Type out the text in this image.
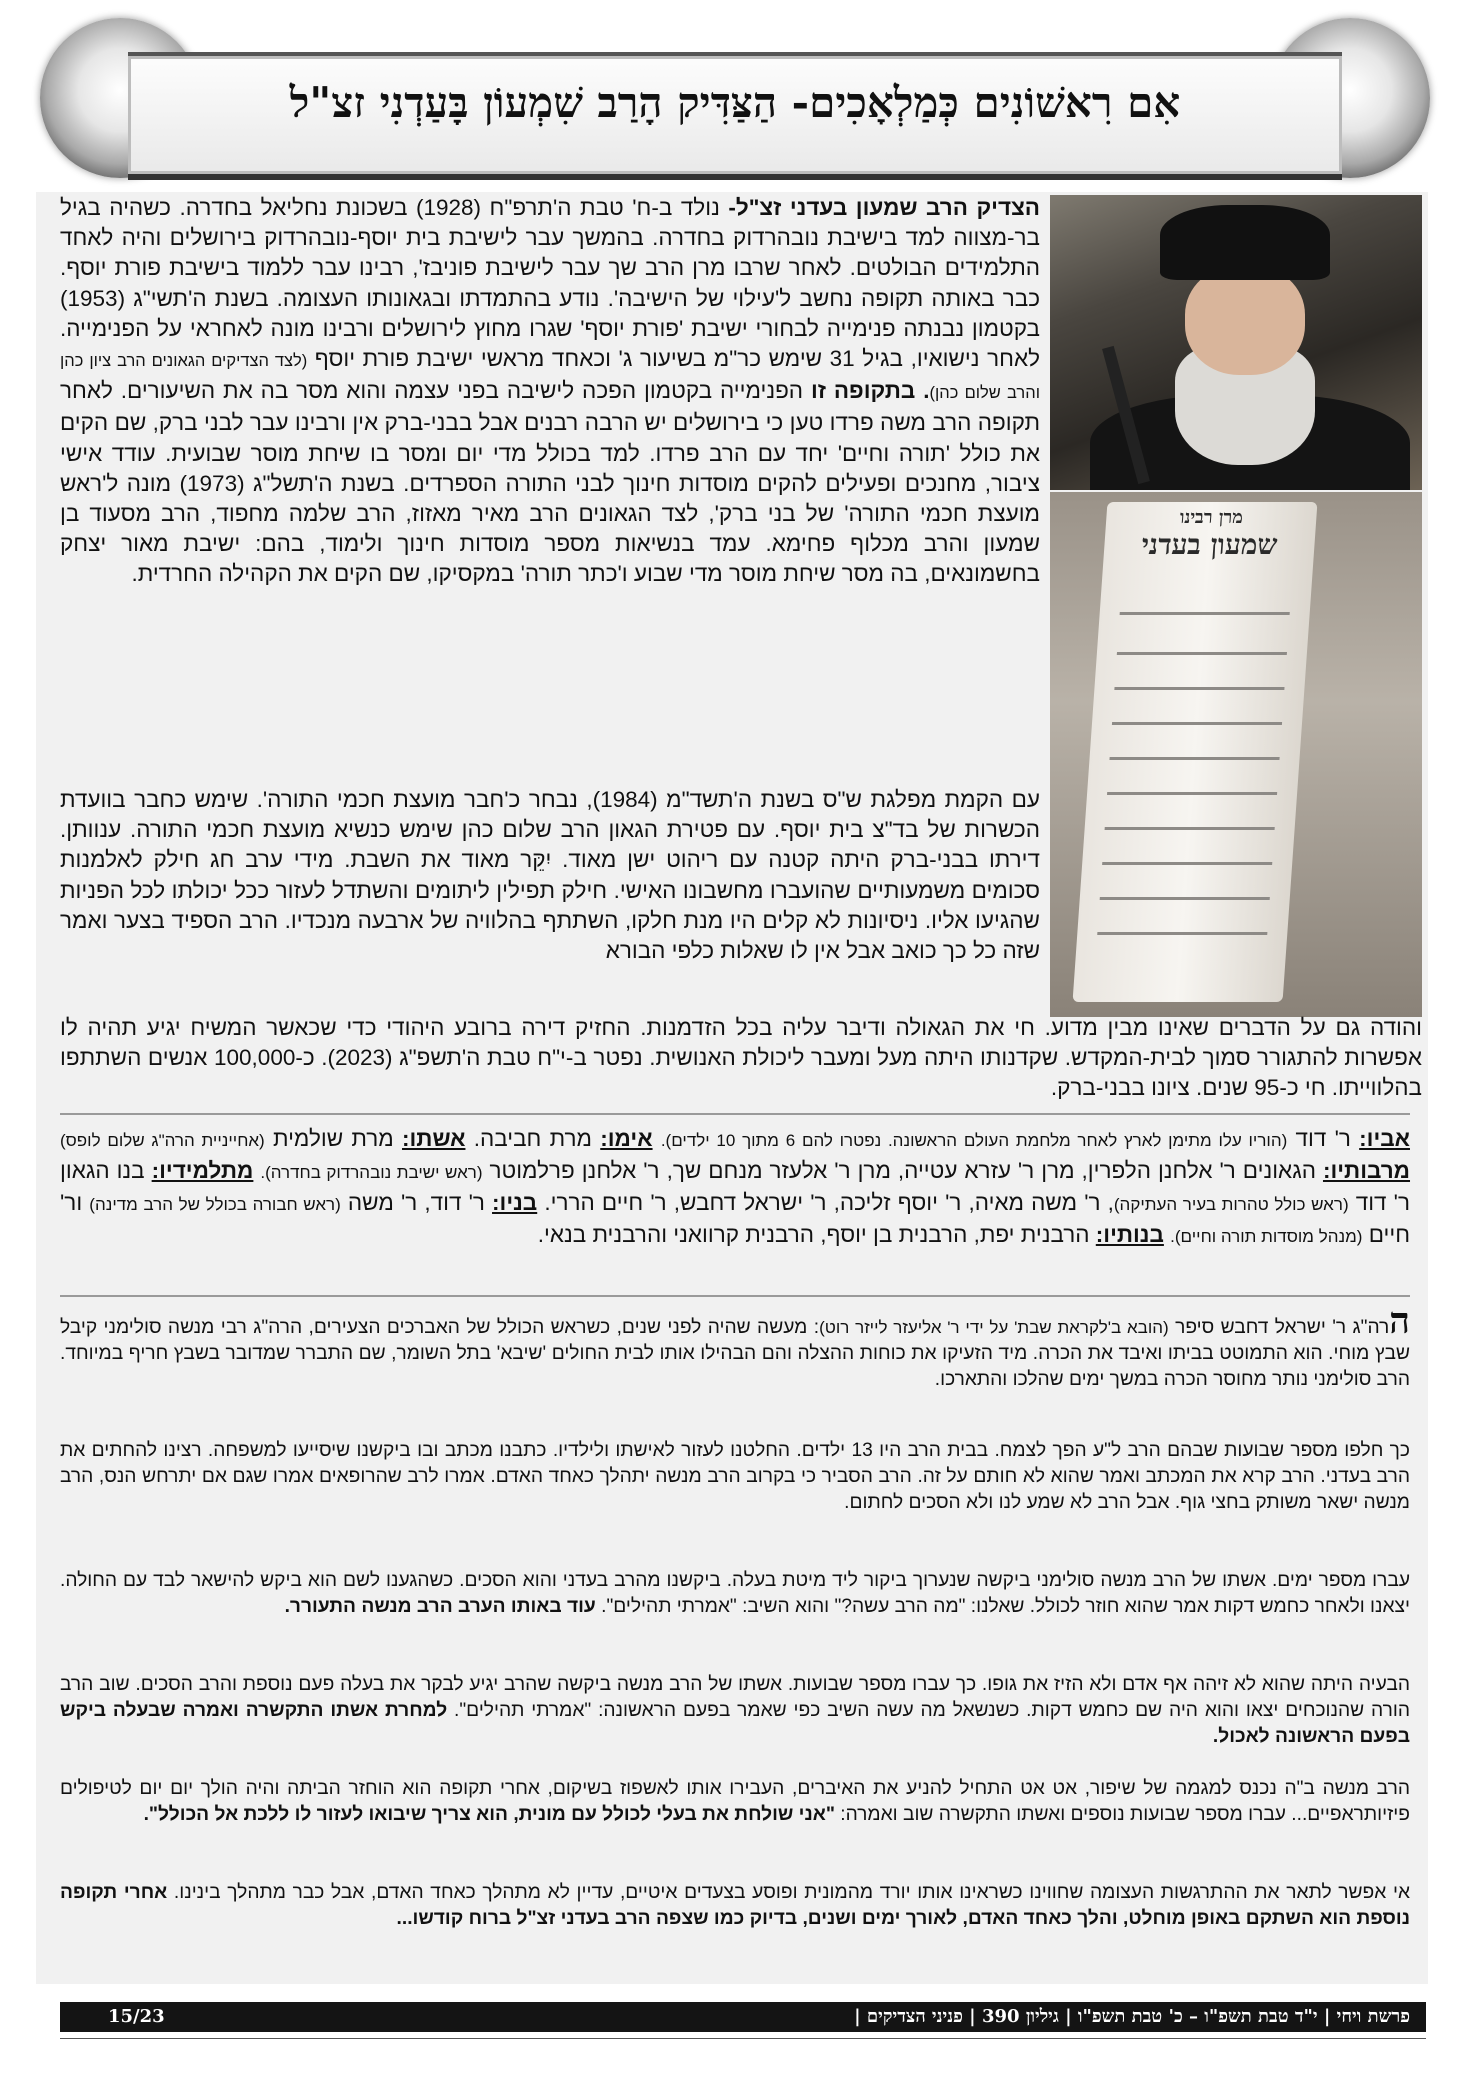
אִם רִאשׁוֹנִים כְּמַלְאָכִים- הַצַּדִּיק הָרַב שִׁמְעוֹן בָּעַדְנִי זצ"ל
מרן רבינו
שמעון בעדני
הצדיק הרב שמעון בעדני זצ"ל- נולד ב-ח' טבת ה'תרפ"ח (1928) בשכונת נחליאל בחדרה. כשהיה בגיל בר-מצווה למד בישיבת נובהרדוק בחדרה. בהמשך עבר לישיבת בית יוסף-נובהרדוק בירושלים והיה לאחד התלמידים הבולטים. לאחר שרבו מרן הרב שך עבר לישיבת פוניבז', רבינו עבר ללמוד בישיבת פורת יוסף. כבר באותה תקופה נחשב ל'עילוי של הישיבה'. נודע בהתמדתו ובגאונותו העצומה. בשנת ה'תשי"ג (1953) בקטמון נבנתה פנימייה לבחורי ישיבת 'פורת יוסף' שגרו מחוץ לירושלים ורבינו מונה לאחראי על הפנימייה. לאחר נישואיו, בגיל 31 שימש כר"מ בשיעור ג' וכאחד מראשי ישיבת פורת יוסף (לצד הצדיקים הגאונים הרב ציון כהן והרב שלום כהן). בתקופה זו הפנימייה בקטמון הפכה לישיבה בפני עצמה והוא מסר בה את השיעורים. לאחר תקופה הרב משה פרדו טען כי בירושלים יש הרבה רבנים אבל בבני-ברק אין ורבינו עבר לבני ברק, שם הקים את כולל 'תורה וחיים' יחד עם הרב פרדו. למד בכולל מדי יום ומסר בו שיחת מוסר שבועית. עודד אישי ציבור, מחנכים ופעילים להקים מוסדות חינוך לבני התורה הספרדים. בשנת ה'תשל"ג (1973) מונה ל'ראש מועצת חכמי התורה' של בני ברק', לצד הגאונים הרב מאיר מאזוז, הרב שלמה מחפוד, הרב מסעוד בן שמעון והרב מכלוף פחימא. עמד בנשיאות מספר מוסדות חינוך ולימוד, בהם: ישיבת מאור יצחק בחשמונאים, בה מסר שיחת מוסר מדי שבוע ו'כתר תורה' במקסיקו, שם הקים את הקהילה החרדית.
עם הקמת מפלגת ש"ס בשנת ה'תשד"מ (1984), נבחר כ'חבר מועצת חכמי התורה'. שימש כחבר בוועדת הכשרות של בד"צ בית יוסף. עם פטירת הגאון הרב שלום כהן שימש כנשיא מועצת חכמי התורה. ענוותן. דירתו בבני-ברק היתה קטנה עם ריהוט ישן מאוד. יִקֵּר מאוד את השבת. מידי ערב חג חילק לאלמנות סכומים משמעותיים שהועברו מחשבונו האישי. חילק תפילין ליתומים והשתדל לעזור ככל יכולתו לכל הפניות שהגיעו אליו. ניסיונות לא קלים היו מנת חלקו, השתתף בהלוויה של ארבעה מנכדיו. הרב הספיד בצער ואמר שזה כל כך כואב אבל אין לו שאלות כלפי הבורא
והודה גם על הדברים שאינו מבין מדוע. חי את הגאולה ודיבר עליה בכל הזדמנות. החזיק דירה ברובע היהודי כדי שכאשר המשיח יגיע תהיה לו אפשרות להתגורר סמוך לבית-המקדש. שקדנותו היתה מעל ומעבר ליכולת האנושית. נפטר ב-י"ח טבת ה'תשפ"ג (2023). כ-100,000 אנשים השתתפו בהלווייתו. חי כ-95 שנים. ציונו בבני-ברק.
אביו: ר' דוד (הוריו עלו מתימן לארץ לאחר מלחמת העולם הראשונה. נפטרו להם 6 מתוך 10 ילדים). אימו: מרת חביבה. אשתו: מרת שולמית (אחייניית הרה"ג שלום לופס) מרבותיו: הגאונים ר' אלחנן הלפרין, מרן ר' עזרא עטייה, מרן ר' אלעזר מנחם שך, ר' אלחנן פרלמוטר (ראש ישיבת נובהרדוק בחדרה). מתלמידיו: בנו הגאון ר' דוד (ראש כולל טהרות בעיר העתיקה), ר' משה מאיה, ר' יוסף זליכה, ר' ישראל דחבש, ר' חיים הררי. בניו: ר' דוד, ר' משה (ראש חבורה בכולל של הרב מדינה) ור' חיים (מנהל מוסדות תורה וחיים). בנותיו: הרבנית יפת, הרבנית בן יוסף, הרבנית קרוואני והרבנית בנאי.
הרה"ג ר' ישראל דחבש סיפר (הובא ב'לקראת שבת' על ידי ר' אליעזר לייזר רוט): מעשה שהיה לפני שנים, כשראש הכולל של האברכים הצעירים, הרה"ג רבי מנשה סולימני קיבל שבץ מוחי. הוא התמוטט בביתו ואיבד את הכרה. מיד הזעיקו את כוחות ההצלה והם הבהילו אותו לבית החולים 'שיבא' בתל השומר, שם התברר שמדובר בשבץ חריף במיוחד. הרב סולימני נותר מחוסר הכרה במשך ימים שהלכו והתארכו.
כך חלפו מספר שבועות שבהם הרב ל"ע הפך לצמח. בבית הרב היו 13 ילדים. החלטנו לעזור לאישתו ולילדיו. כתבנו מכתב ובו ביקשנו שיסייעו למשפחה. רצינו להחתים את הרב בעדני. הרב קרא את המכתב ואמר שהוא לא חותם על זה. הרב הסביר כי בקרוב הרב מנשה יתהלך כאחד האדם. אמרו לרב שהרופאים אמרו שגם אם יתרחש הנס, הרב מנשה ישאר משותק בחצי גוף. אבל הרב לא שמע לנו ולא הסכים לחתום.
עברו מספר ימים. אשתו של הרב מנשה סולימני ביקשה שנערוך ביקור ליד מיטת בעלה. ביקשנו מהרב בעדני והוא הסכים. כשהגענו לשם הוא ביקש להישאר לבד עם החולה. יצאנו ולאחר כחמש דקות אמר שהוא חוזר לכולל. שאלנו: "מה הרב עשה?" והוא השיב: "אמרתי תהילים". עוד באותו הערב הרב מנשה התעורר.
הבעיה היתה שהוא לא זיהה אף אדם ולא הזיז את גופו. כך עברו מספר שבועות. אשתו של הרב מנשה ביקשה שהרב יגיע לבקר את בעלה פעם נוספת והרב הסכים. שוב הרב הורה שהנוכחים יצאו והוא היה שם כחמש דקות. כשנשאל מה עשה השיב כפי שאמר בפעם הראשונה: "אמרתי תהילים". למחרת אשתו התקשרה ואמרה שבעלה ביקש בפעם הראשונה לאכול.
הרב מנשה ב"ה נכנס למגמה של שיפור, אט אט התחיל להניע את האיברים, העבירו אותו לאשפוז בשיקום, אחרי תקופה הוא הוחזר הביתה והיה הולך יום יום לטיפולים פיזיותראפיים... עברו מספר שבועות נוספים ואשתו התקשרה שוב ואמרה: "אני שולחת את בעלי לכולל עם מונית, הוא צריך שיבואו לעזור לו ללכת אל הכולל".
אי אפשר לתאר את ההתרגשות העצומה שחווינו כשראינו אותו יורד מהמונית ופוסע בצעדים איטיים, עדיין לא מתהלך כאחד האדם, אבל כבר מתהלך בינינו. אחרי תקופה נוספת הוא השתקם באופן מוחלט, והלך כאחד האדם, לאורך ימים ושנים, בדיוק כמו שצפה הרב בעדני זצ"ל ברוח קודשו...
פרשת ויחי | י"ד טבת תשפ"ו – כ' טבת תשפ"ו | גיליון 390 | פניני הצדיקים |
15/23
